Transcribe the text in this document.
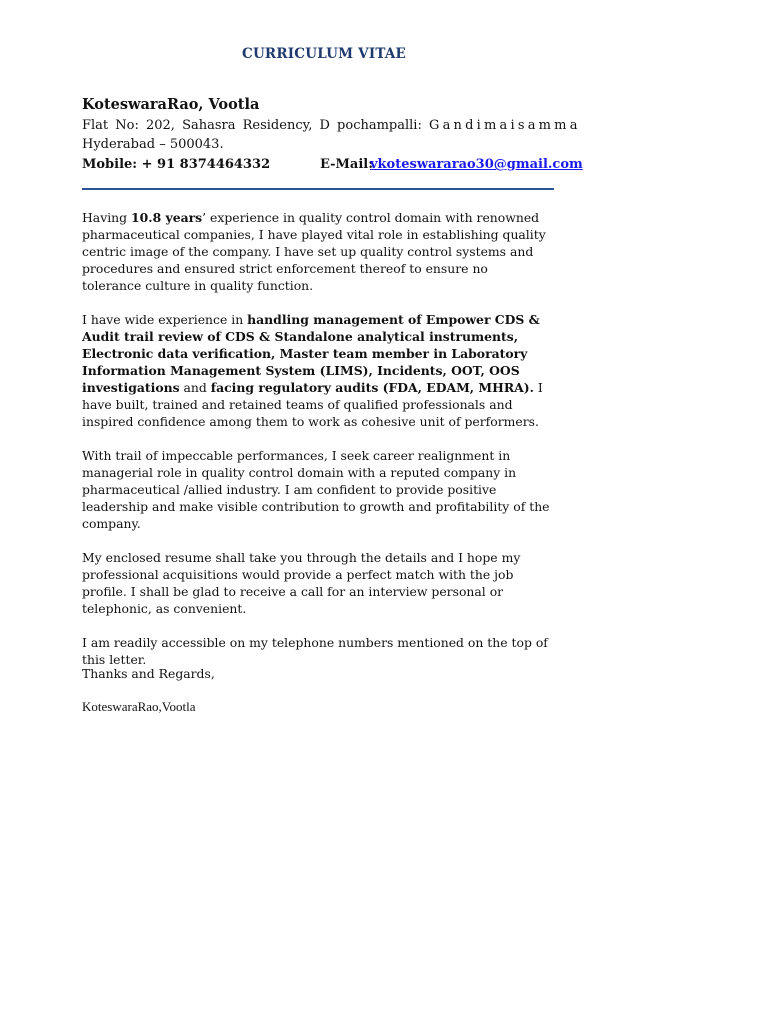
CURRICULUM VITAE
KoteswaraRao, Vootla
Flat No: 202, Sahasra Residency, D pochampalli: Gandimaisamma
Hyderabad – 500043.
Mobile: + 91 8374464332	E-Mail:
vkoteswararao30@gmail.com

Having 10.8 years’ experience in quality control domain with renowned pharmaceutical companies, I have played vital role in establishing quality centric image of the company. I have set up quality control systems and procedures and ensured strict enforcement thereof to ensure no tolerance culture in quality function.

I have wide experience in handling management of Empower CDS & Audit trail review of CDS & Standalone analytical instruments, Electronic data verification, Master team member in Laboratory Information Management System (LIMS), Incidents, OOT, OOS investigations and facing regulatory audits (FDA, EDAM, MHRA). I have built, trained and retained teams of qualified professionals and inspired confidence among them to work as cohesive unit of performers.

With trail of impeccable performances, I seek career realignment in managerial role in quality control domain with a reputed company in pharmaceutical /allied industry. I am confident to provide positive leadership and make visible contribution to growth and profitability of the company.

My enclosed resume shall take you through the details and I hope my professional acquisitions would provide a perfect match with the job profile. I shall be glad to receive a call for an interview personal or telephonic, as convenient.

I am readily accessible on my telephone numbers mentioned on the top of this letter.

Thanks and Regards,
KoteswaraRao,Vootla
